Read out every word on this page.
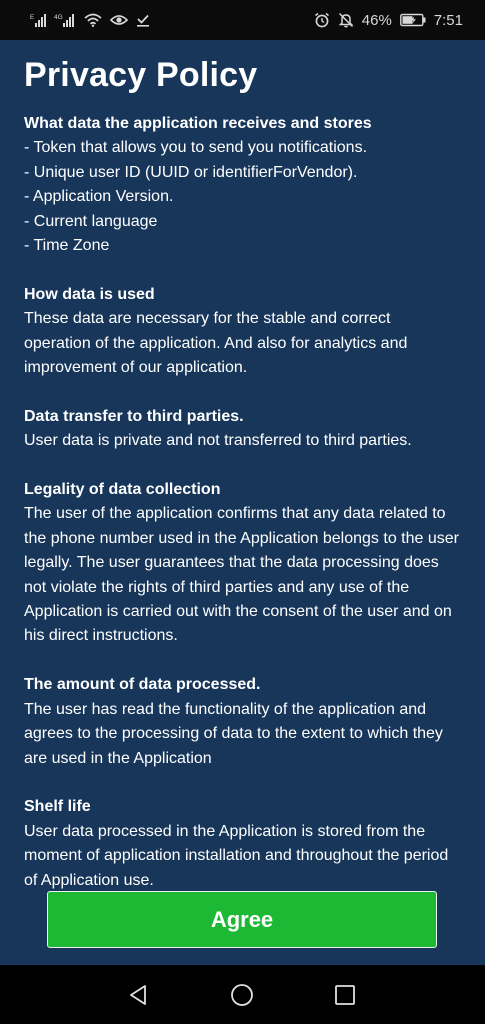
E	4G	46%	7:51
Privacy Policy
What data the application receives and stores
- Token that allows you to send you notifications.
- Unique user ID (UUID or identifierForVendor).
- Application Version.
- Current language
- Time Zone
How data is used
These data are necessary for the stable and correct operation of the application. And also for analytics and improvement of our application.
Data transfer to third parties.
User data is private and not transferred to third parties.
Legality of data collection
The user of the application confirms that any data related to the phone number used in the Application belongs to the user legally. The user guarantees that the data processing does not violate the rights of third parties and any use of the Application is carried out with the consent of the user and on his direct instructions.
The amount of data processed.
The user has read the functionality of the application and agrees to the processing of data to the extent to which they are used in the Application
Shelf life
User data processed in the Application is stored from the moment of application installation and throughout the period of Application use.
Agree
